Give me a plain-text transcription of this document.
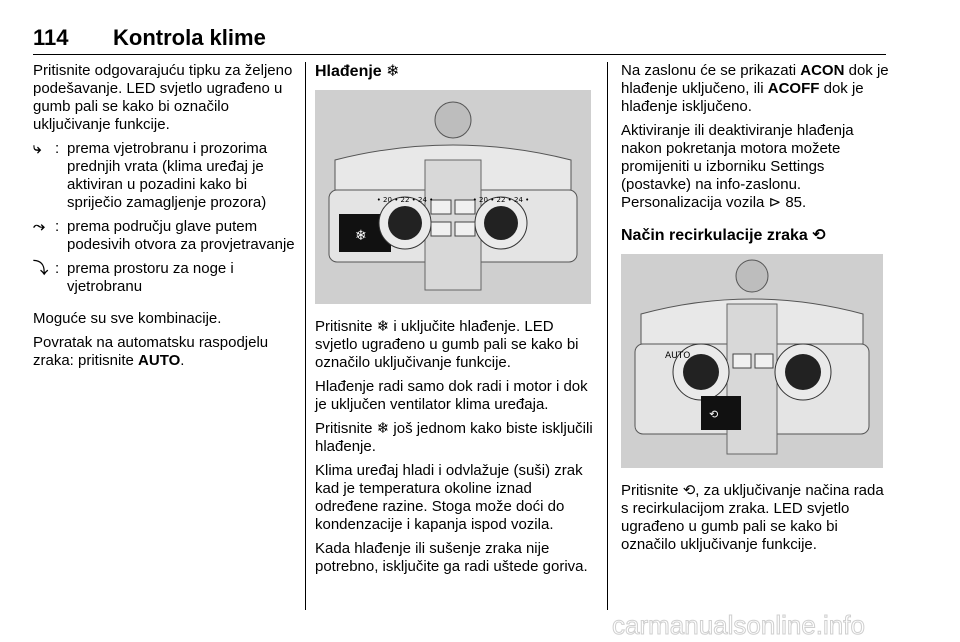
114 Kontrola klime

Pritisnite odgovarajuću tipku za željeno podešavanje. LED svjetlo ugrađeno u gumb pali se kako bi označilo uključivanje funkcije.

⤷ : prema vjetrobranu i prozorima prednjih vrata (klima uređaj je aktiviran u pozadini kako bi spriječio zamagljenje prozora)
⤳ : prema području glave putem podesivih otvora za provjetravanje
⤵ : prema prostoru za noge i vjetrobranu

Moguće su sve kombinacije.

Povratak na automatsku raspodjelu zraka: pritisnite AUTO.

Hlađenje ❄
❄
• 20 • 22 • 24 •	• 20 • 22 • 24 •

Pritisnite ❄ i uključite hlađenje. LED svjetlo ugrađeno u gumb pali se kako bi označilo uključivanje funkcije.

Hlađenje radi samo dok radi i motor i dok je uključen ventilator klima uređaja.

Pritisnite ❄ još jednom kako biste isključili hlađenje.

Klima uređaj hladi i odvlažuje (suši) zrak kad je temperatura okoline iznad određene razine. Stoga može doći do kondenzacije i kapanja ispod vozila.

Kada hlađenje ili sušenje zraka nije potrebno, isključite ga radi uštede goriva.

Na zaslonu će se prikazati ACON dok je hlađenje uključeno, ili ACOFF dok je hlađenje isključeno.

Aktiviranje ili deaktiviranje hlađenja nakon pokretanja motora možete promijeniti u izborniku Settings (postavke) na info-zaslonu. Personalizacija vozila ⊳ 85.

Način recirkulacije zraka ⟲
AUTO
⟲

Pritisnite ⟲, za uključivanje načina rada s recirkulacijom zraka. LED svjetlo ugrađeno u gumb pali se kako bi označilo uključivanje funkcije.

carmanualsonline.info
